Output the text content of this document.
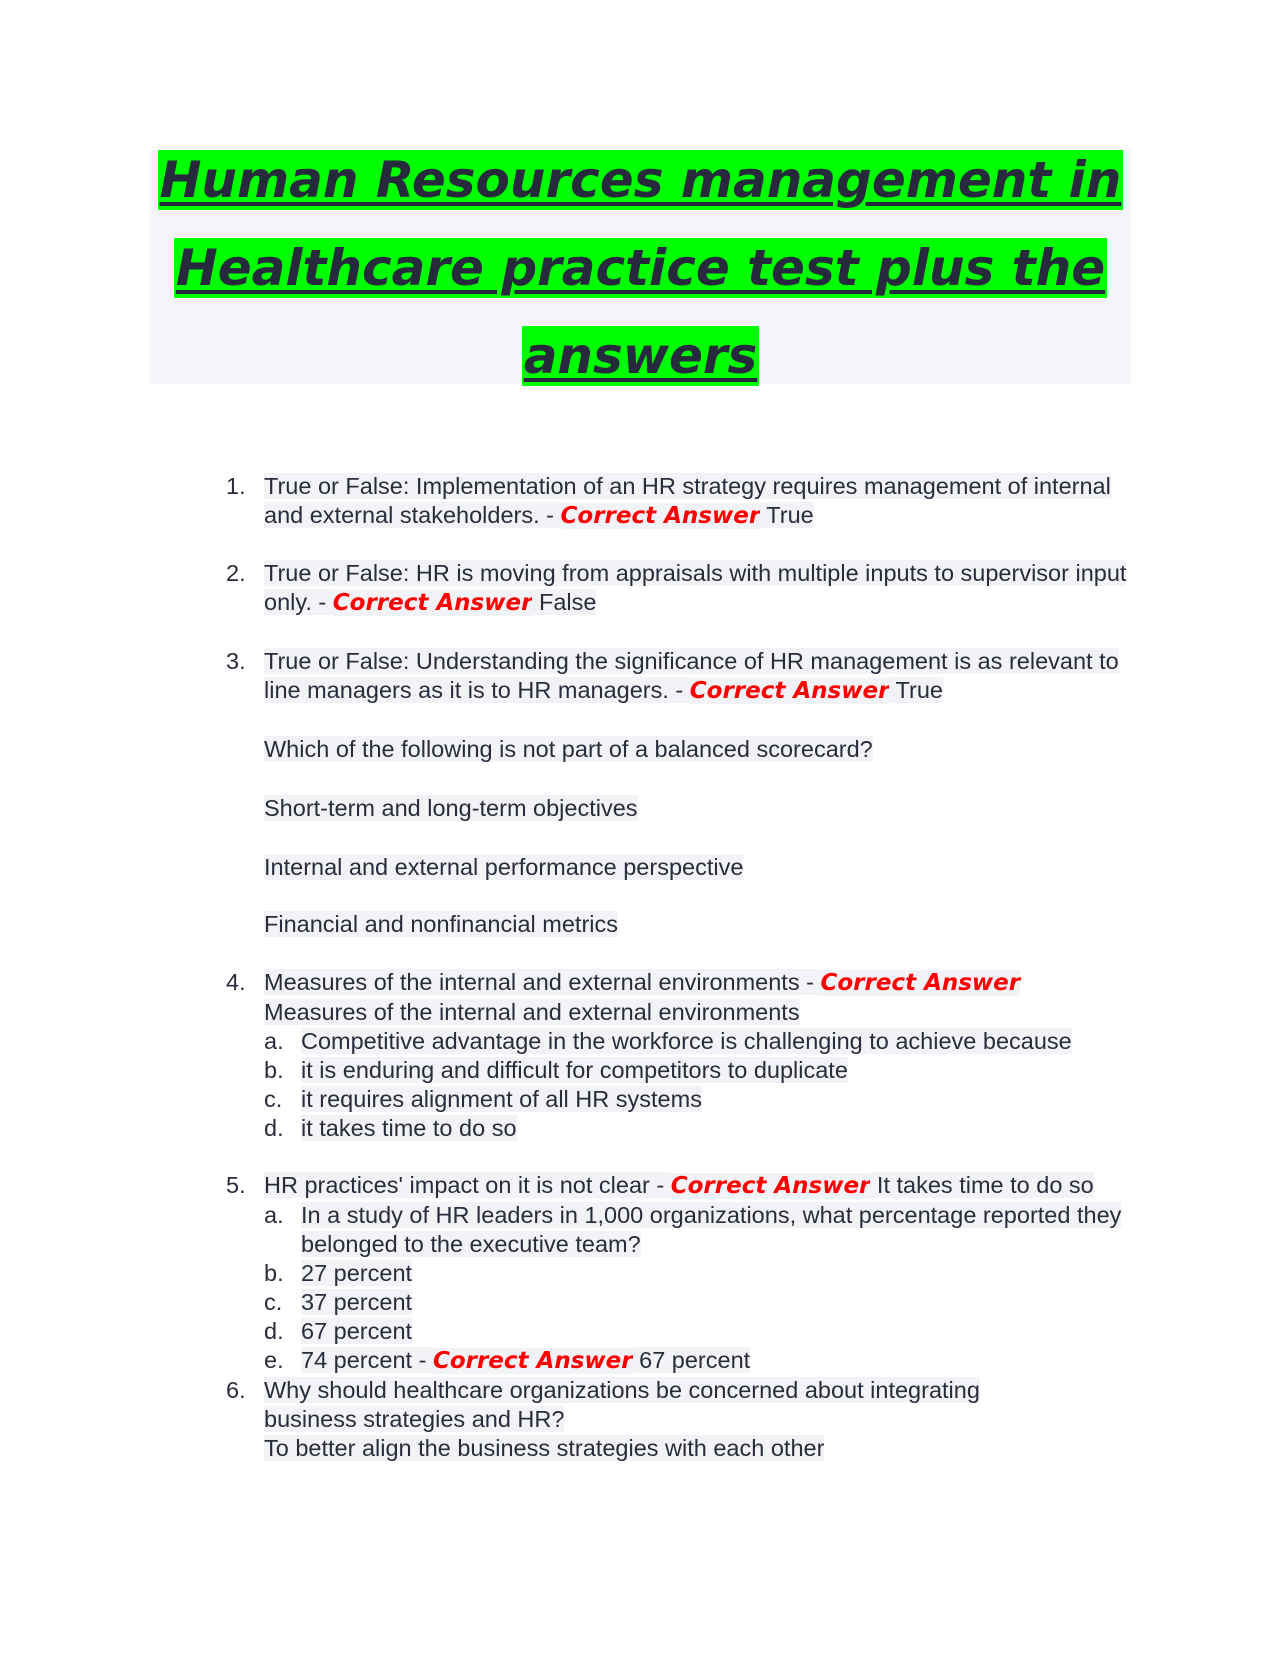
Human Resources management in
Healthcare practice test plus the
answers
1. True or False: Implementation of an HR strategy requires management of internal and external stakeholders. - Correct Answer True
2. True or False: HR is moving from appraisals with multiple inputs to supervisor input only. - Correct Answer False
3. True or False: Understanding the significance of HR management is as relevant to line managers as it is to HR managers. - Correct Answer True
Which of the following is not part of a balanced scorecard?
Short-term and long-term objectives
Internal and external performance perspective
Financial and nonfinancial metrics
4. Measures of the internal and external environments - Correct Answer
Measures of the internal and external environments
a. Competitive advantage in the workforce is challenging to achieve because
b. it is enduring and difficult for competitors to duplicate
c. it requires alignment of all HR systems
d. it takes time to do so
5. HR practices' impact on it is not clear - Correct Answer It takes time to do so
a. In a study of HR leaders in 1,000 organizations, what percentage reported they belonged to the executive team?
b. 27 percent
c. 37 percent
d. 67 percent
e. 74 percent - Correct Answer 67 percent
6. Why should healthcare organizations be concerned about integrating business strategies and HR?
To better align the business strategies with each other
